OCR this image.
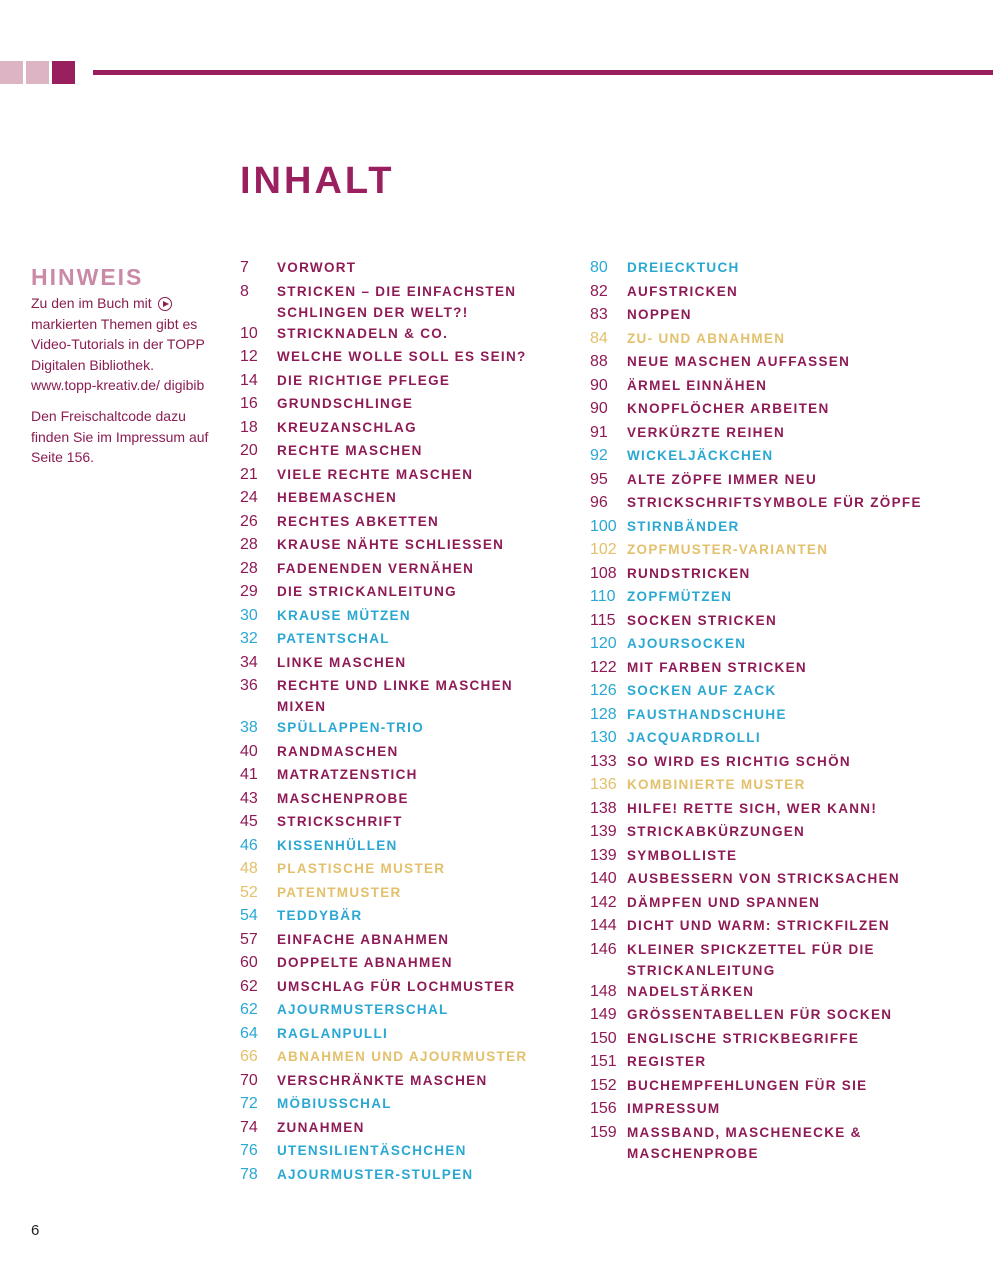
INHALT
HINWEIS

Zu den im Buch mit  markierten Themen gibt es Video-Tutorials in der TOPP Digitalen Bibliothek. www.topp-kreativ.de/ digibib

Den Freischaltcode dazu finden Sie im Impressum auf Seite 156.

7	VORWORT
8	STRICKEN – DIE EINFACHSTEN SCHLINGEN DER WELT?!
10	STRICKNADELN & CO.
12	WELCHE WOLLE SOLL ES SEIN?
14	DIE RICHTIGE PFLEGE
16	GRUNDSCHLINGE
18	KREUZANSCHLAG
20	RECHTE MASCHEN
21	VIELE RECHTE MASCHEN
24	HEBEMASCHEN
26	RECHTES ABKETTEN
28	KRAUSE NÄHTE SCHLIESSEN
28	FADENENDEN VERNÄHEN
29	DIE STRICKANLEITUNG
30	KRAUSE MÜTZEN
32	PATENTSCHAL
34	LINKE MASCHEN
36	RECHTE UND LINKE MASCHEN MIXEN
38	SPÜLLAPPEN-TRIO
40	RANDMASCHEN
41	MATRATZENSTICH
43	MASCHENPROBE
45	STRICKSCHRIFT
46	KISSENHÜLLEN
48	PLASTISCHE MUSTER
52	PATENTMUSTER
54	TEDDYBÄR
57	EINFACHE ABNAHMEN
60	DOPPELTE ABNAHMEN
62	UMSCHLAG FÜR LOCHMUSTER
62	AJOURMUSTERSCHAL
64	RAGLANPULLI
66	ABNAHMEN UND AJOURMUSTER
70	VERSCHRÄNKTE MASCHEN
72	MÖBIUSSCHAL
74	ZUNAHMEN
76	UTENSILIENTÄSCHCHEN
78	AJOURMUSTER-STULPEN
80	DREIECKTUCH
82	AUFSTRICKEN
83	NOPPEN
84	ZU- UND ABNAHMEN
88	NEUE MASCHEN AUFFASSEN
90	ÄRMEL EINNÄHEN
90	KNOPFLÖCHER ARBEITEN
91	VERKÜRZTE REIHEN
92	WICKELJÄCKCHEN
95	ALTE ZÖPFE IMMER NEU
96	STRICKSCHRIFTSYMBOLE FÜR ZÖPFE
100 STIRNBÄNDER
102 ZOPFMUSTER-VARIANTEN
108 RUNDSTRICKEN
110 ZOPFMÜTZEN
115 SOCKEN STRICKEN
120 AJOURSOCKEN
122 MIT FARBEN STRICKEN
126 SOCKEN AUF ZACK
128 FAUSTHANDSCHUHE
130 JACQUARDROLLI
133 SO WIRD ES RICHTIG SCHÖN
136 KOMBINIERTE MUSTER
138 HILFE! RETTE SICH, WER KANN!
139 STRICKABKÜRZUNGEN
139 SYMBOLLISTE
140 AUSBESSERN VON STRICKSACHEN
142 DÄMPFEN UND SPANNEN
144 DICHT UND WARM: STRICKFILZEN
146 KLEINER SPICKZETTEL FÜR DIE STRICKANLEITUNG
148 NADELSTÄRKEN
149 GRÖSSENTABELLEN FÜR SOCKEN
150 ENGLISCHE STRICKBEGRIFFE
151 REGISTER
152 BUCHEMPFEHLUNGEN FÜR SIE
156 IMPRESSUM
159 MASSBAND, MASCHENECKE & MASCHENPROBE
6
